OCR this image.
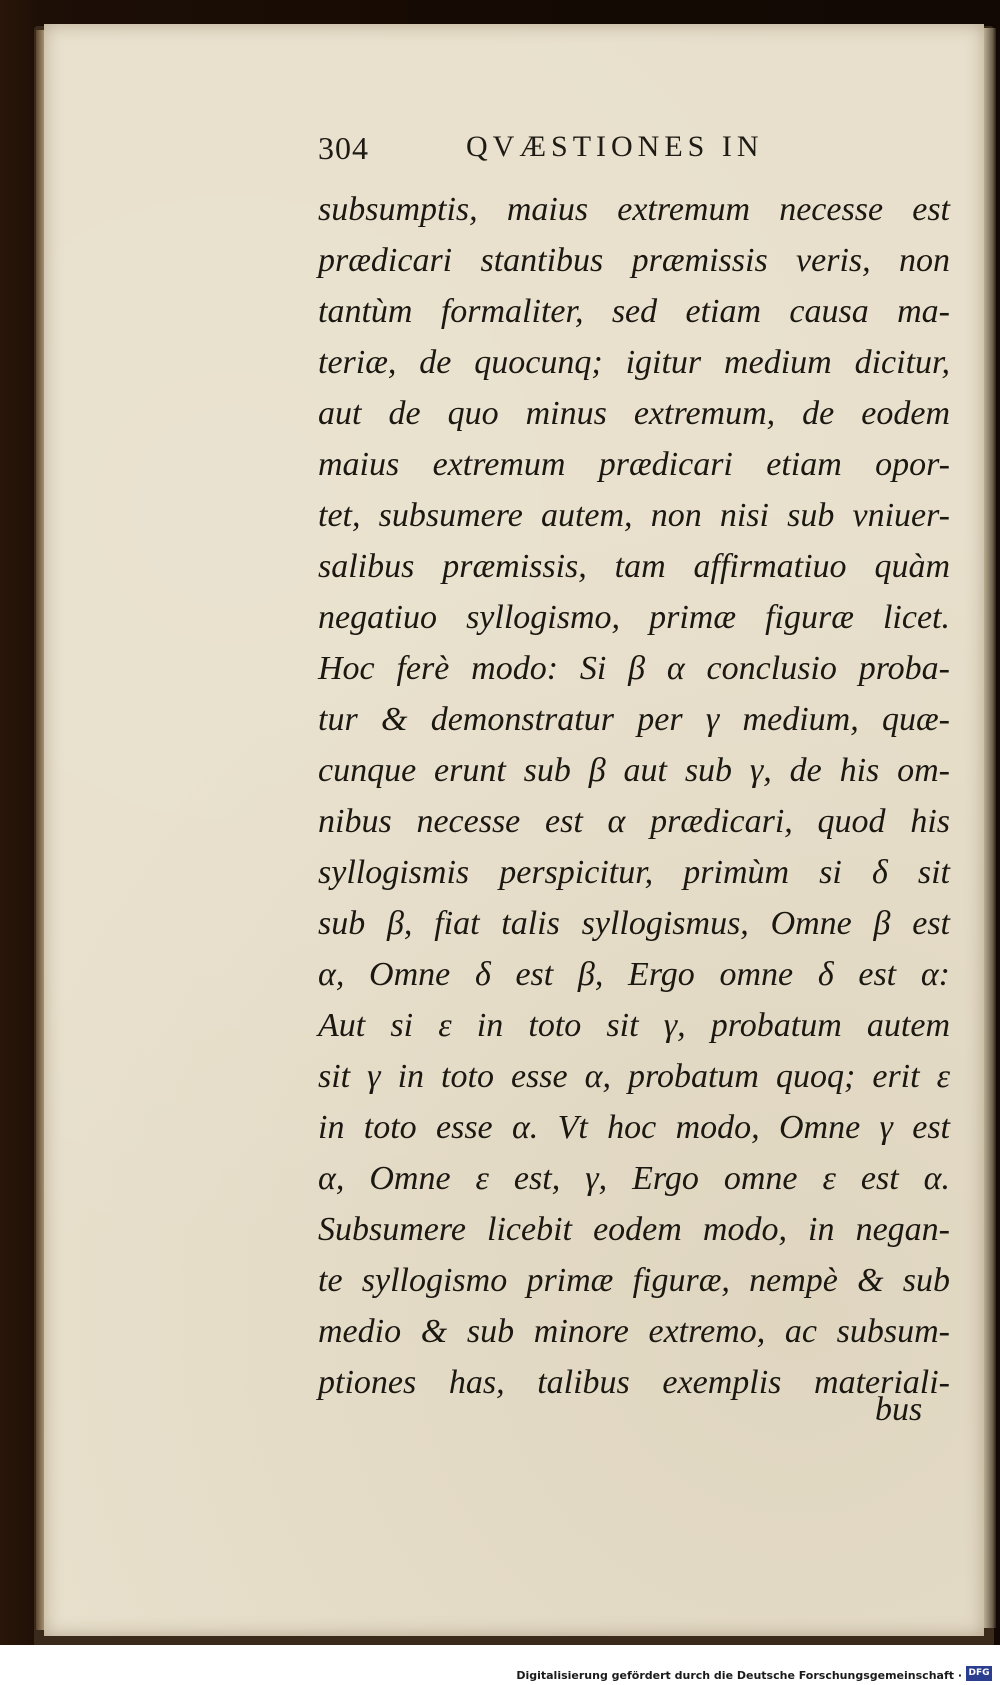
304	QVÆSTIONES IN
subsumptis, maius extremum necesse est
prædicari stantibus præmissis veris, non
tantùm formaliter, sed etiam causa ma-
teriæ, de quocunq; igitur medium dicitur,
aut de quo minus extremum, de eodem
maius extremum prædicari etiam opor-
tet, subsumere autem, non nisi sub vniuer-
salibus præmissis, tam affirmatiuo quàm
negatiuo syllogismo, primæ figuræ licet.
Hoc ferè modo: Si β α conclusio proba-
tur & demonstratur per γ medium, quæ-
cunque erunt sub β aut sub γ, de his om-
nibus necesse est α prædicari, quod his
syllogismis perspicitur, primùm si δ sit
sub β, fiat talis syllogismus, Omne β est
α, Omne δ est β, Ergo omne δ est α:
Aut si ε in toto sit γ, probatum autem
sit γ in toto esse α, probatum quoq; erit ε
in toto esse α. Vt hoc modo, Omne γ est
α, Omne ε est, γ, Ergo omne ε est α.
Subsumere licebit eodem modo, in negan-
te syllogismo primæ figuræ, nempè & sub
medio & sub minore extremo, ac subsum-
ptiones has, talibus exemplis materiali-
bus
Digitalisierung gefördert durch die Deutsche Forschungsgemeinschaft · DFG
